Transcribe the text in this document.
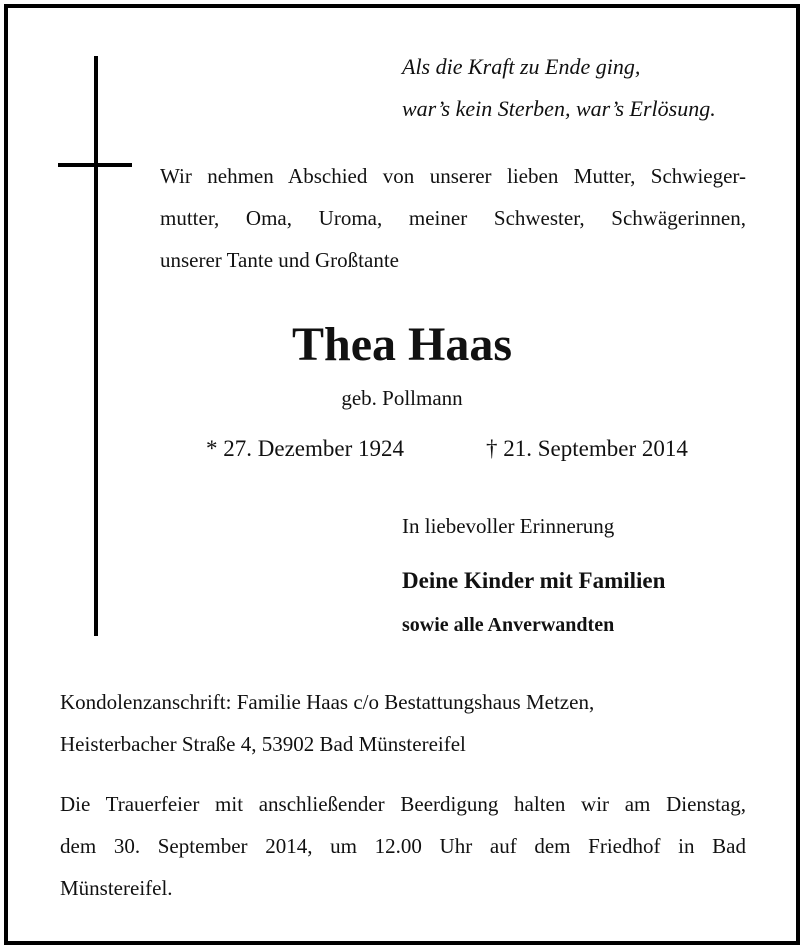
Als die Kraft zu Ende ging,
war’s kein Sterben, war’s Erlösung.
Wir nehmen Abschied von unserer lieben Mutter, Schwieger-
mutter, Oma, Uroma, meiner Schwester, Schwägerinnen,
unserer Tante und Großtante
Thea Haas
geb. Pollmann
* 27. Dezember 1924	† 21. September 2014
In liebevoller Erinnerung
Deine Kinder mit Familien
sowie alle Anverwandten
Kondolenzanschrift: Familie Haas c/o Bestattungshaus Metzen,
Heisterbacher Straße 4, 53902 Bad Münstereifel
Die Trauerfeier mit anschließender Beerdigung halten wir am Dienstag,
dem 30. September 2014, um 12.00 Uhr auf dem Friedhof in Bad
Münstereifel.
